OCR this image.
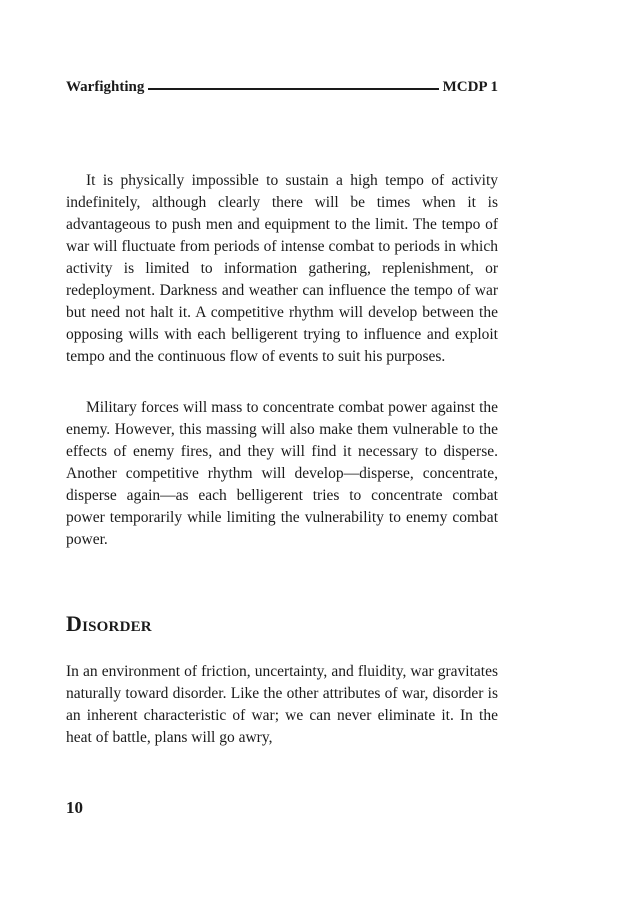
Warfighting	MCDP 1

It is physically impossible to sustain a high tempo of activity indefinitely, although clearly there will be times when it is advantageous to push men and equipment to the limit. The tempo of war will fluctuate from periods of intense combat to periods in which activity is limited to information gathering, replenishment, or redeployment. Darkness and weather can influence the tempo of war but need not halt it. A competitive rhythm will develop between the opposing wills with each belligerent trying to influence and exploit tempo and the continuous flow of events to suit his purposes.

Military forces will mass to concentrate combat power against the enemy. However, this massing will also make them vulnerable to the effects of enemy fires, and they will find it necessary to disperse. Another competitive rhythm will develop—disperse, concentrate, disperse again—as each belligerent tries to concentrate combat power temporarily while limiting the vulnerability to enemy combat power.

Disorder

In an environment of friction, uncertainty, and fluidity, war gravitates naturally toward disorder. Like the other attributes of war, disorder is an inherent characteristic of war; we can never eliminate it. In the heat of battle, plans will go awry,

10
